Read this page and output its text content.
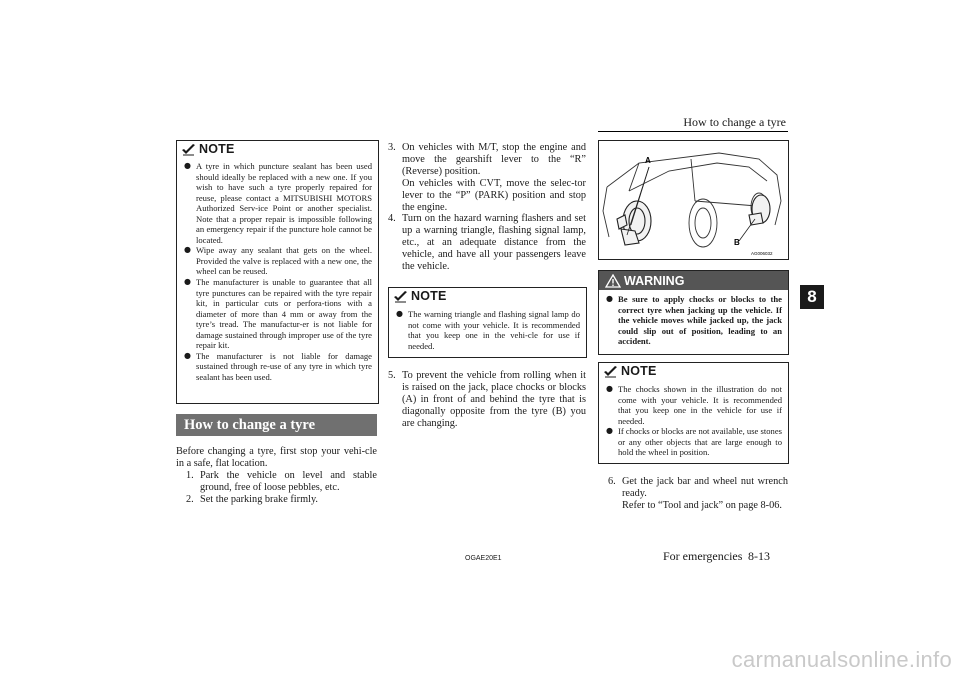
How to change a tyre
8
NOTE
● A tyre in which puncture sealant has been used should ideally be replaced with a new one. If you wish to have such a tyre properly repaired for reuse, please contact a MITSUBISHI MOTORS Authorized Serv-ice Point or another specialist. Note that a proper repair is impossible following an emergency repair if the puncture hole cannot be located.
● Wipe away any sealant that gets on the wheel. Provided the valve is replaced with a new one, the wheel can be reused.
● The manufacturer is unable to guarantee that all tyre punctures can be repaired with the tyre repair kit, in particular cuts or perfora-tions with a diameter of more than 4 mm or away from the tyre’s tread. The manufactur-er is not liable for damage sustained through improper use of the tyre repair kit.
● The manufacturer is not liable for damage sustained through re-use of any tyre in which tyre sealant has been used.
How to change a tyre
Before changing a tyre, first stop your vehi-cle in a safe, flat location.
1. Park the vehicle on level and stable ground, free of loose pebbles, etc.
2. Set the parking brake firmly.
3. On vehicles with M/T, stop the engine and move the gearshift lever to the “R” (Reverse) position.
On vehicles with CVT, move the selec-tor lever to the “P” (PARK) position and stop the engine.
4. Turn on the hazard warning flashers and set up a warning triangle, flashing signal lamp, etc., at an adequate distance from the vehicle, and have all your passengers leave the vehicle.
NOTE
● The warning triangle and flashing signal lamp do not come with your vehicle. It is recommended that you keep one in the vehi-cle for use if needed.
5. To prevent the vehicle from rolling when it is raised on the jack, place chocks or blocks (A) in front of and behind the tyre that is diagonally opposite from the tyre (B) you are changing.
A
B
AG006032
WARNING
● Be sure to apply chocks or blocks to the correct tyre when jacking up the vehicle. If the vehicle moves while jacked up, the jack could slip out of position, leading to an accident.
NOTE
● The chocks shown in the illustration do not come with your vehicle. It is recommended that you keep one in the vehicle for use if needed.
● If chocks or blocks are not available, use stones or any other objects that are large enough to hold the wheel in position.
6. Get the jack bar and wheel nut wrench ready.
Refer to “Tool and jack” on page 8-06.
OGAE20E1	For emergencies 8-13
carmanualsonline.info
